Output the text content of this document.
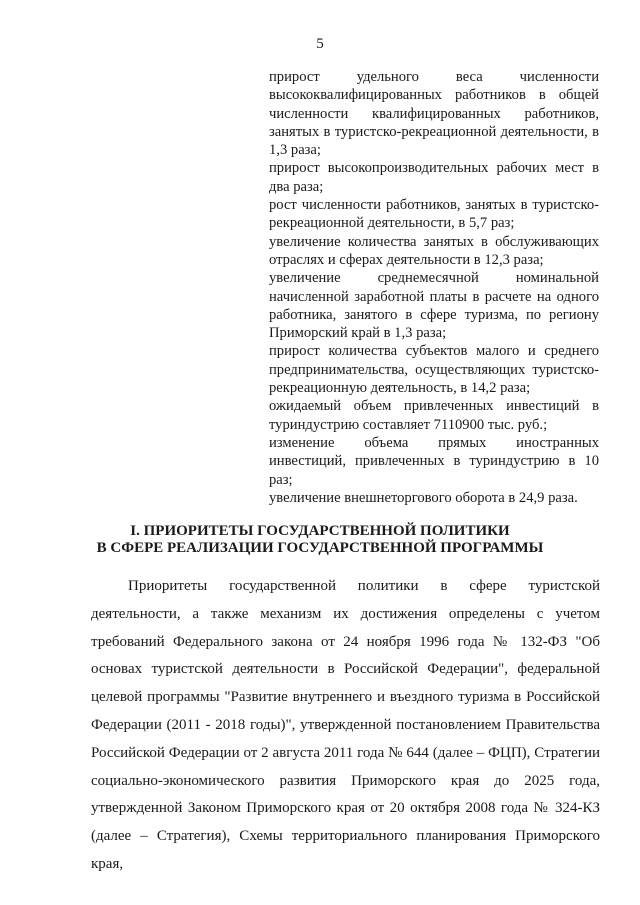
5

прирост удельного веса численности высококвалифицированных работников в общей численности квалифицированных работников, занятых в туристско-рекреационной деятельности, в 1,3 раза;

прирост высокопроизводительных рабочих мест в два раза;

рост численности работников, занятых в туристско-рекреационной деятельности, в 5,7 раз;

увеличение количества занятых в обслуживающих отраслях и сферах деятельности в 12,3 раза;

увеличение среднемесячной номинальной начисленной заработной платы в расчете на одного работника, занятого в сфере туризма, по региону Приморский край в 1,3 раза;

прирост количества субъектов малого и среднего предпринимательства, осуществляющих туристско-рекреационную деятельность, в 14,2 раза;

ожидаемый объем привлеченных инвестиций в туриндустрию составляет 7110900 тыс. руб.;

изменение объема прямых иностранных инвестиций, привлеченных в туриндустрию в 10 раз;

увеличение внешнеторгового оборота в 24,9 раза.

I. ПРИОРИТЕТЫ ГОСУДАРСТВЕННОЙ ПОЛИТИКИ
В СФЕРЕ РЕАЛИЗАЦИИ ГОСУДАРСТВЕННОЙ ПРОГРАММЫ

Приоритеты государственной политики в сфере туристской деятельности, а также механизм их достижения определены с учетом требований Федерального закона от 24 ноября 1996 года № 132-ФЗ "Об основах туристской деятельности в Российской Федерации", федеральной целевой программы "Развитие внутреннего и въездного туризма в Российской Федерации (2011 - 2018 годы)", утвержденной постановлением Правительства Российской Федерации от 2 августа 2011 года № 644 (далее – ФЦП), Стратегии социально-экономического развития Приморского края до 2025 года, утвержденной Законом Приморского края от 20 октября 2008 года № 324-КЗ (далее – Стратегия), Схемы территориального планирования Приморского края,
